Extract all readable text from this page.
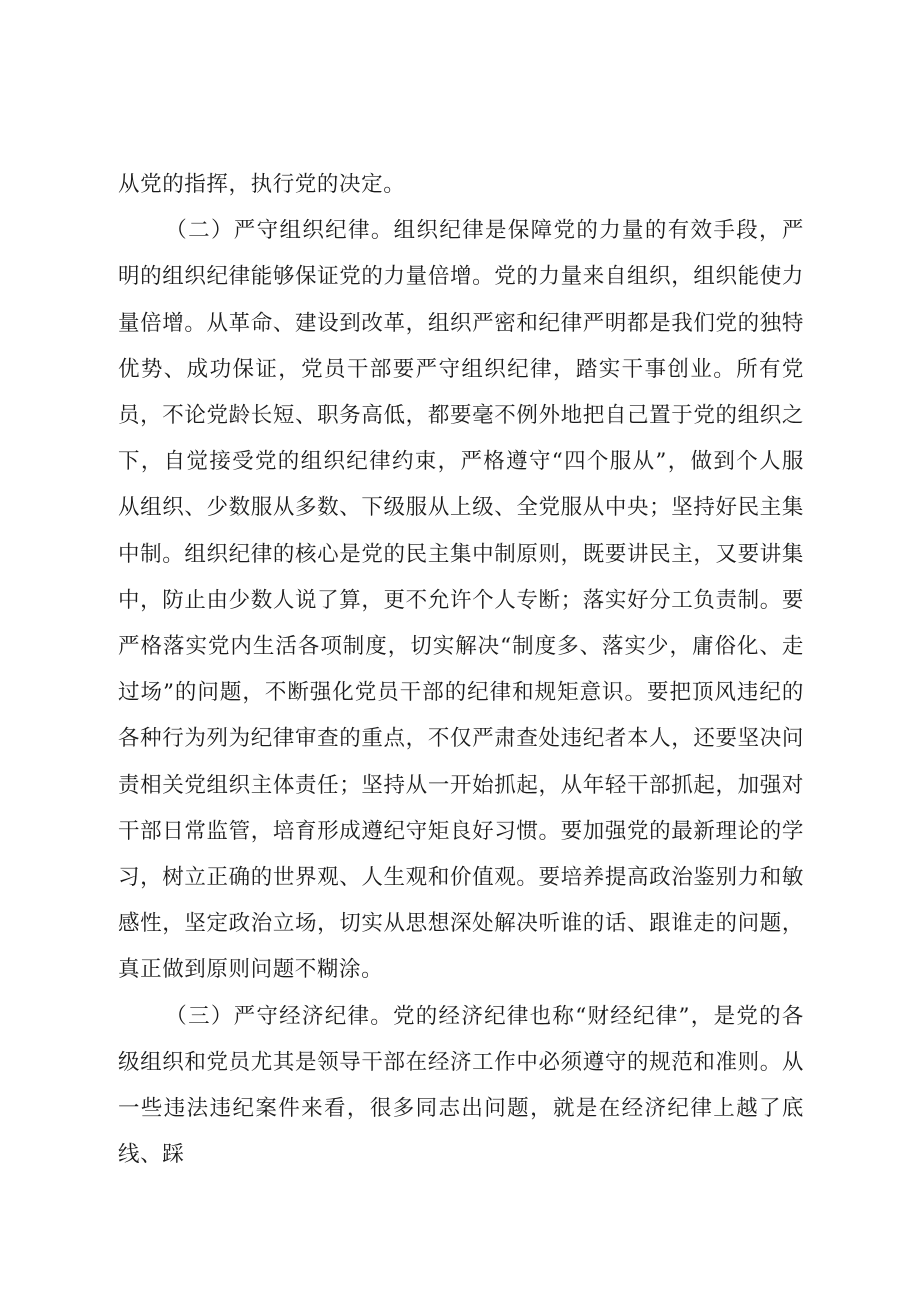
从党的指挥，执行党的决定。

（二）严守组织纪律。组织纪律是保障党的力量的有效手段，严明的组织纪律能够保证党的力量倍增。党的力量来自组织，组织能使力量倍增。从革命、建设到改革，组织严密和纪律严明都是我们党的独特优势、成功保证，党员干部要严守组织纪律，踏实干事创业。所有党员，不论党龄长短、职务高低，都要毫不例外地把自己置于党的组织之下，自觉接受党的组织纪律约束，严格遵守“四个服从”，做到个人服从组织、少数服从多数、下级服从上级、全党服从中央；坚持好民主集中制。组织纪律的核心是党的民主集中制原则，既要讲民主，又要讲集中，防止由少数人说了算，更不允许个人专断；落实好分工负责制。要严格落实党内生活各项制度，切实解决“制度多、落实少，庸俗化、走过场”的问题，不断强化党员干部的纪律和规矩意识。要把顶风违纪的各种行为列为纪律审查的重点，不仅严肃查处违纪者本人，还要坚决问责相关党组织主体责任；坚持从一开始抓起，从年轻干部抓起，加强对干部日常监管，培育形成遵纪守矩良好习惯。要加强党的最新理论的学习，树立正确的世界观、人生观和价值观。要培养提高政治鉴别力和敏感性，坚定政治立场，切实从思想深处解决听谁的话、跟谁走的问题，真正做到原则问题不糊涂。

（三）严守经济纪律。党的经济纪律也称“财经纪律”，是党的各级组织和党员尤其是领导干部在经济工作中必须遵守的规范和准则。从一些违法违纪案件来看，很多同志出问题，就是在经济纪律上越了底线、踩
